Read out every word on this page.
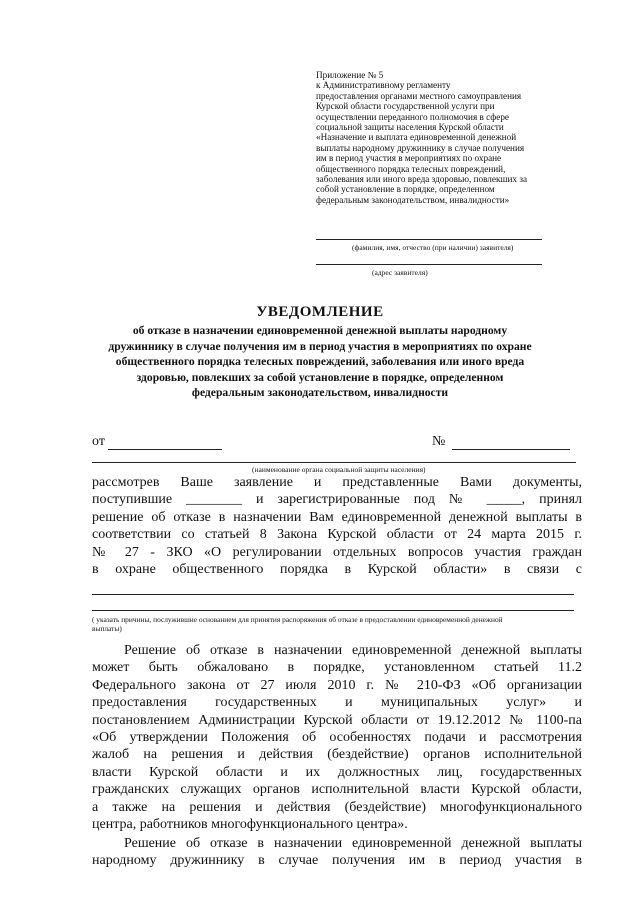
Приложение № 5
к Административному регламенту
предоставления органами местного самоуправления
Курской области государственной услуги при
осуществлении переданного полномочия в сфере
социальной защиты населения Курской области
«Назначение и выплата единовременной денежной
выплаты народному дружиннику в случае получения
им в период участия в мероприятиях по охране
общественного порядка телесных повреждений,
заболевания или иного вреда здоровью, повлекших за
собой установление в порядке, определенном
федеральным законодательством, инвалидности»
(фамилия, имя, отчество (при наличии) заявителя)
(адрес заявителя)
УВЕДОМЛЕНИЕ
об отказе в назначении единовременной денежной выплаты народному
дружиннику в случае получения им в период участия в мероприятиях по охране
общественного порядка телесных повреждений, заболевания или иного вреда
здоровью, повлекших за собой установление в порядке, определенном
федеральным законодательством, инвалидности
от	№
(наименование органа социальной защиты населения)
рассмотрев Ваше заявление и представленные Вами документы,
поступившие ________ и зарегистрированные под № _____, принял
решение об отказе в назначении Вам единовременной денежной выплаты в
соответствии со статьей 8 Закона Курской области от 24 марта 2015 г.
№ 27 - ЗКО «О регулировании отдельных вопросов участия граждан
в охране общественного порядка в Курской области» в связи с
( указать причины, послужившие основанием для принятия распоряжения об отказе в предоставлении единовременной денежной
выплаты)
Решение об отказе в назначении единовременной денежной выплаты
может быть обжаловано в порядке, установленном статьей 11.2
Федерального закона от 27 июля 2010 г. № 210-ФЗ «Об организации
предоставления государственных и муниципальных услуг» и
постановлением Администрации Курской области от 19.12.2012 № 1100-па
«Об утверждении Положения об особенностях подачи и рассмотрения
жалоб на решения и действия (бездействие) органов исполнительной
власти Курской области и их должностных лиц, государственных
гражданских служащих органов исполнительной власти Курской области,
а также на решения и действия (бездействие) многофункционального
центра, работников многофункционального центра».
Решение об отказе в назначении единовременной денежной выплаты
народному дружиннику в случае получения им в период участия в
